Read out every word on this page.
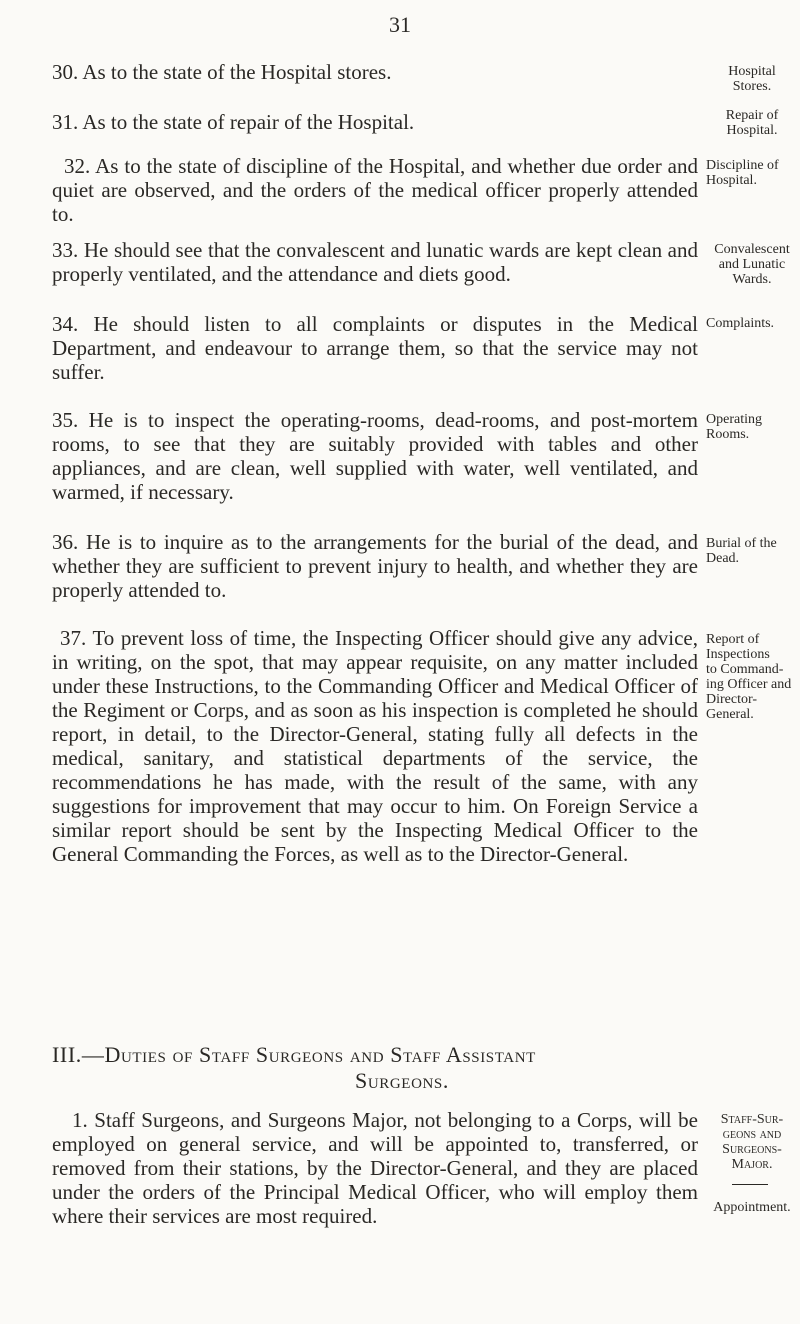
31

30. As to the state of the Hospital stores.	Hospital
Stores.

31. As to the state of repair of the Hospital.	Repair of
Hospital.

32. As to the state of discipline of the Hospital, and whether due order and quiet are observed, and the orders of the medical officer properly attended to.

Discipline of
Hospital.

33. He should see that the convalescent and lunatic wards are kept clean and properly ventilated, and the attendance and diets good.

Convalescent
and Lunatic
Wards.

34. He should listen to all complaints or disputes in the Medical Department, and endeavour to arrange them, so that the service may not suffer.

Complaints.

35. He is to inspect the operating-rooms, dead-rooms, and post-mortem rooms, to see that they are suitably provided with tables and other appliances, and are clean, well supplied with water, well ventilated, and warmed, if necessary.

Operating
Rooms.

36. He is to inquire as to the arrangements for the burial of the dead, and whether they are sufficient to prevent injury to health, and whether they are properly attended to.

Burial of the
Dead.

37. To prevent loss of time, the Inspecting Officer should give any advice, in writing, on the spot, that may appear requisite, on any matter included under these Instructions, to the Commanding Officer and Medical Officer of the Regiment or Corps, and as soon as his inspection is completed he should report, in detail, to the Director-General, stating fully all defects in the medical, sanitary, and statistical departments of the service, the recommendations he has made, with the result of the same, with any suggestions for improvement that may occur to him. On Foreign Service a similar report should be sent by the Inspecting Medical Officer to the General Commanding the Forces, as well as to the Director-General.

Report of
Inspections
to Command-
ing Officer and
Director-
General.

III.—Duties of Staff Surgeons and Staff Assistant
Surgeons.

1. Staff Surgeons, and Surgeons Major, not belonging to a Corps, will be employed on general service, and will be appointed to, transferred, or removed from their stations, by the Director-General, and they are placed under the orders of the Principal Medical Officer, who will employ them where their services are most required.

Staff-Sur-
geons and
Surgeons-
Major.

Appointment.
